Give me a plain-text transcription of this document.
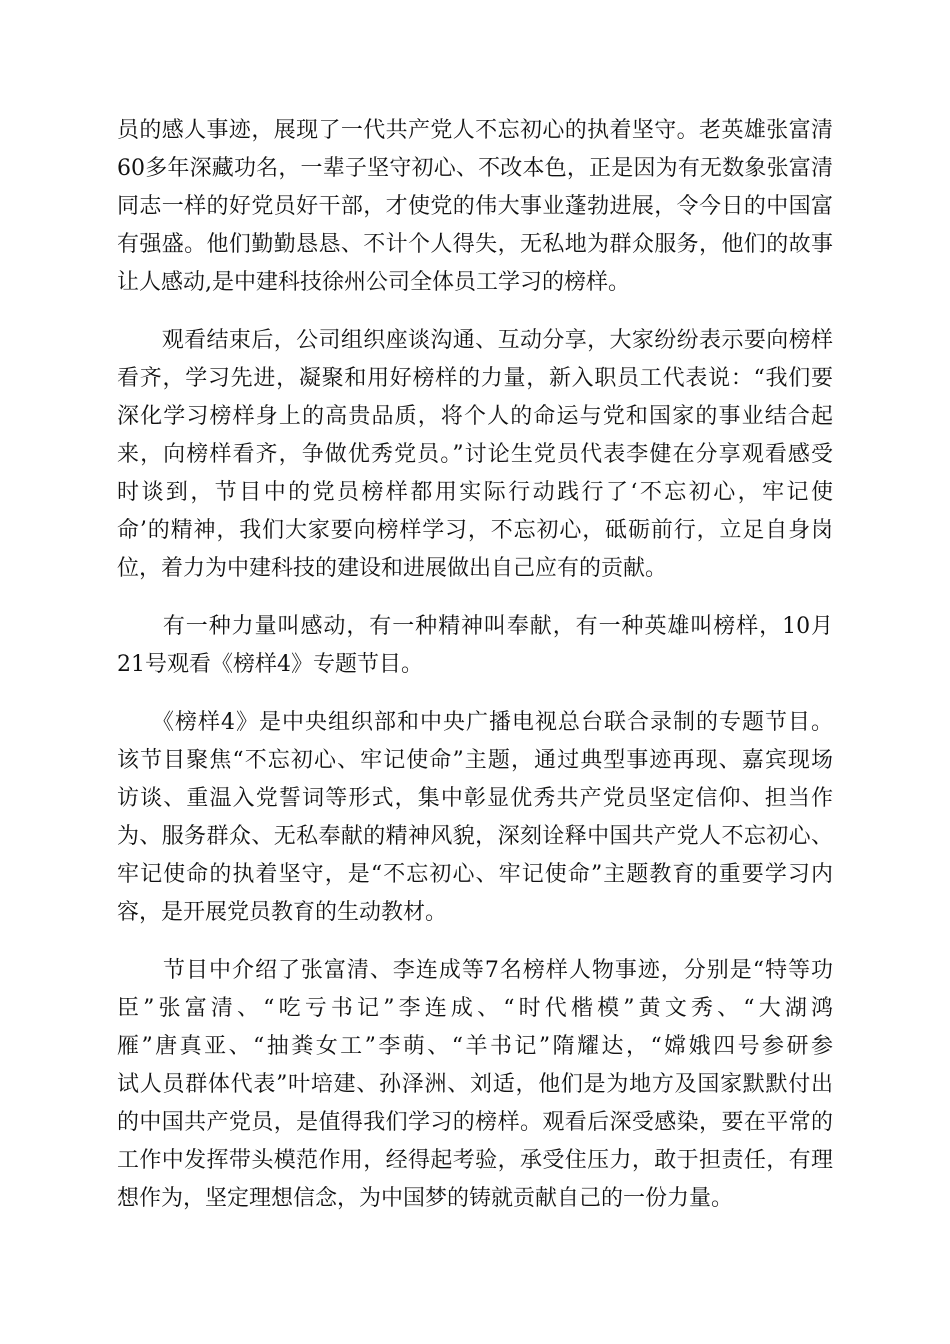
员的感人事迹，展现了一代共产党人不忘初心的执着坚守。老英雄张富清
60多年深藏功名，一辈子坚守初心、不改本色，正是因为有无数象张富清
同志一样的好党员好干部，才使党的伟大事业蓬勃进展，令今日的中国富
有强盛。他们勤勤恳恳、不计个人得失，无私地为群众服务，他们的故事
让人感动,是中建科技徐州公司全体员工学习的榜样。
　　观看结束后，公司组织座谈沟通、互动分享，大家纷纷表示要向榜样
看齐，学习先进，凝聚和用好榜样的力量，新入职员工代表说：“我们要
深化学习榜样身上的高贵品质，将个人的命运与党和国家的事业结合起
来，向榜样看齐，争做优秀党员。”讨论生党员代表李健在分享观看感受
时谈到，节目中的党员榜样都用实际行动践行了‘不忘初心，牢记使
命’的精神，我们大家要向榜样学习，不忘初心，砥砺前行，立足自身岗
位，着力为中建科技的建设和进展做出自己应有的贡献。
　　有一种力量叫感动，有一种精神叫奉献，有一种英雄叫榜样，10月
21号观看《榜样4》专题节目。
　　《榜样4》是中央组织部和中央广播电视总台联合录制的专题节目。
该节目聚焦“不忘初心、牢记使命”主题，通过典型事迹再现、嘉宾现场
访谈、重温入党誓词等形式，集中彰显优秀共产党员坚定信仰、担当作
为、服务群众、无私奉献的精神风貌，深刻诠释中国共产党人不忘初心、
牢记使命的执着坚守，是“不忘初心、牢记使命”主题教育的重要学习内
容，是开展党员教育的生动教材。
　　节目中介绍了张富清、李连成等7名榜样人物事迹，分别是“特等功
臣”张富清、“吃亏书记”李连成、“时代楷模”黄文秀、“大湖鸿
雁”唐真亚、“抽粪女工”李萌、“羊书记”隋耀达，“嫦娥四号参研参
试人员群体代表”叶培建、孙泽洲、刘适，他们是为地方及国家默默付出
的中国共产党员，是值得我们学习的榜样。观看后深受感染，要在平常的
工作中发挥带头模范作用，经得起考验，承受住压力，敢于担责任，有理
想作为，坚定理想信念，为中国梦的铸就贡献自己的一份力量。
